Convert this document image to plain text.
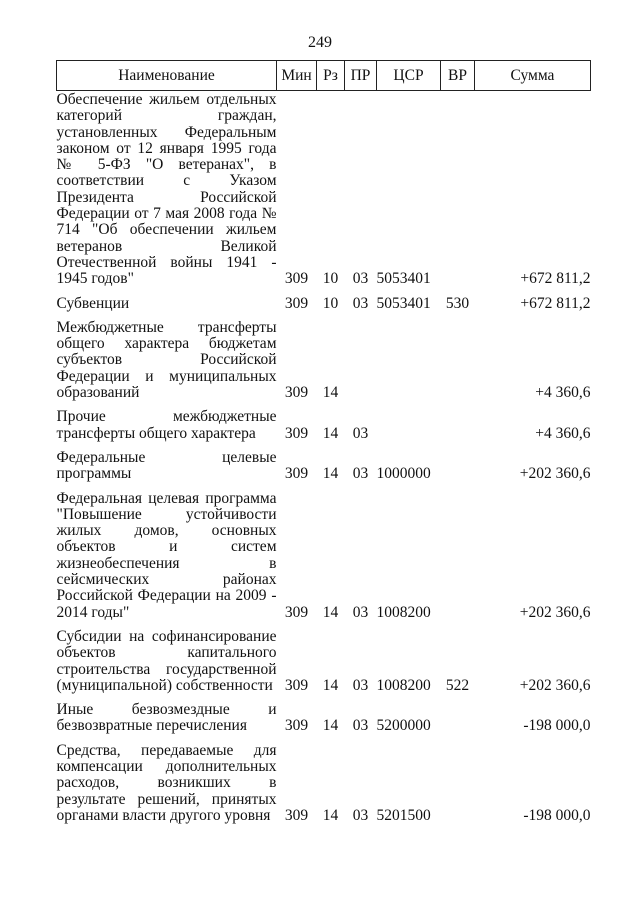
249
Наименование	Мин	Рз	ПР	ЦСР	ВР	Сумма
Обеспечение жильем отдельных категорий граждан, установленных Федеральным законом от 12 января 1995 года № 5-ФЗ "О ветеранах", в соответствии с Указом Президента Российской Федерации от 7 мая 2008 года № 714 "Об обеспечении жильем ветеранов Великой Отечественной войны 1941 - 1945 годов"	309	10	03	5053401		+672 811,2
Субвенции	309	10	03	5053401	530	+672 811,2
Межбюджетные трансферты общего характера бюджетам субъектов Российской Федерации и муниципальных образований	309	14				+4 360,6
Прочие межбюджетные трансферты общего характера	309	14	03			+4 360,6
Федеральные целевые программы	309	14	03	1000000		+202 360,6
Федеральная целевая программа "Повышение устойчивости жилых домов, основных объектов и систем жизнеобеспечения в сейсмических районах Российской Федерации на 2009 - 2014 годы"	309	14	03	1008200		+202 360,6
Субсидии на софинансирование объектов капитального строительства государственной (муниципальной) собственности	309	14	03	1008200	522	+202 360,6
Иные безвозмездные и безвозвратные перечисления	309	14	03	5200000		-198 000,0
Средства, передаваемые для компенсации дополнительных расходов, возникших в результате решений, принятых органами власти другого уровня	309	14	03	5201500		-198 000,0
